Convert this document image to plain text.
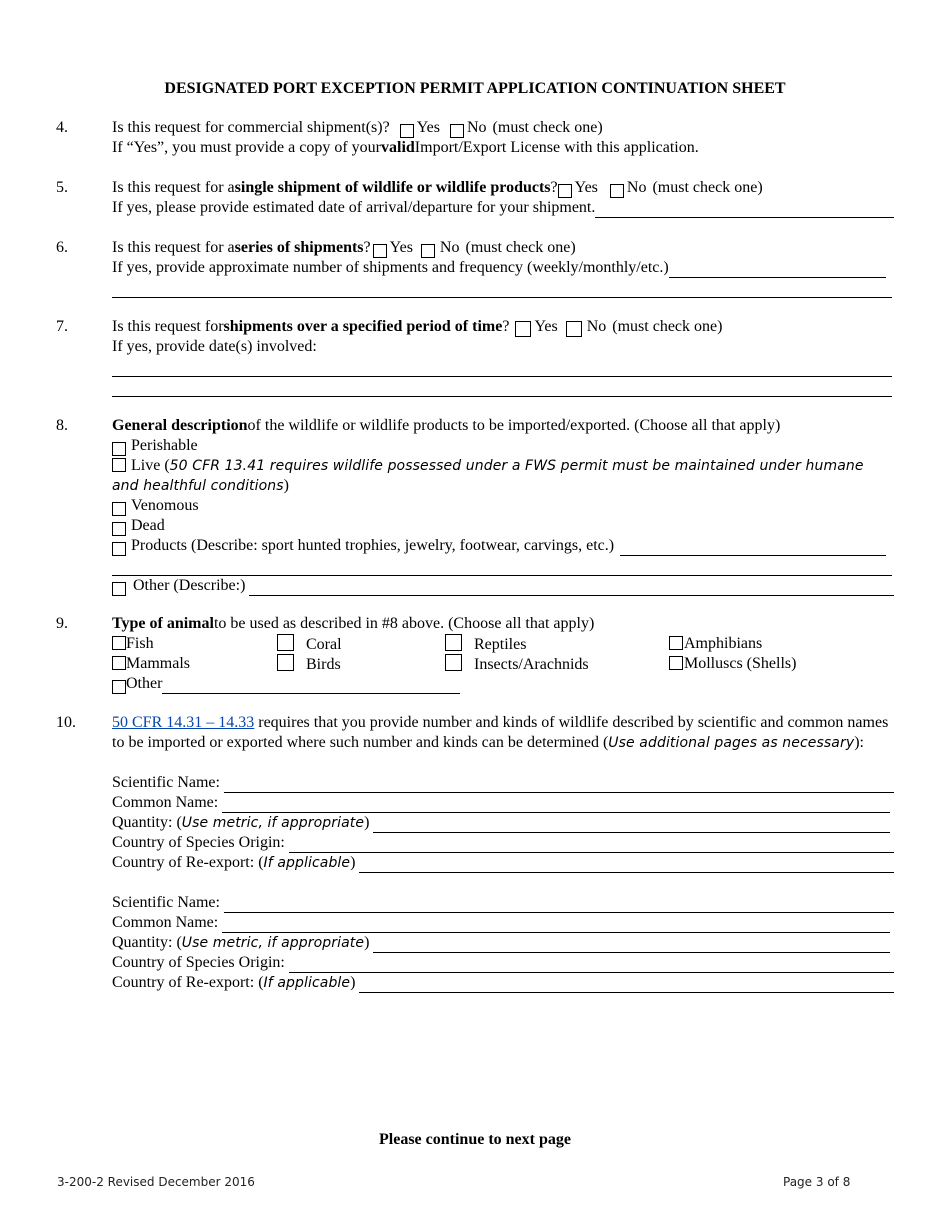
DESIGNATED PORT EXCEPTION PERMIT APPLICATION CONTINUATION SHEET
4.	Is this request for commercial shipment(s)? Yes No (must check one)
If “Yes”, you must provide a copy of your valid Import/Export License with this application.
5.	Is this request for a single shipment of wildlife or wildlife products ? Yes No (must check one)
If yes, please provide estimated date of arrival/departure for your shipment.
6.	Is this request for a series of shipments ? Yes No (must check one)
If yes, provide approximate number of shipments and frequency (weekly/monthly/etc.)
7.	Is this request for shipments over a specified period of time ? Yes No (must check one)
If yes, provide date(s) involved:
8.	General description of the wildlife or wildlife products to be imported/exported. (Choose all that apply)
Perishable
Live (50 CFR 13.41 requires wildlife possessed under a FWS permit must be maintained under humane and healthful conditions)
Venomous
Dead
Products (Describe: sport hunted trophies, jewelry, footwear, carvings, etc.)
Other (Describe:)
9.	Type of animal to be used as described in #8 above. (Choose all that apply)
Fish	Coral	Reptiles	Amphibians
Mammals	Birds	Insects/Arachnids	Molluscs (Shells)
Other
10. 50 CFR 14.31 – 14.33 requires that you provide number and kinds of wildlife described by scientific and common names to be imported or exported where such number and kinds can be determined (Use additional pages as necessary):
Scientific Name:
Common Name:
Quantity: ( Use metric, if appropriate )
Country of Species Origin:
Country of Re-export: ( If applicable )
Scientific Name:
Common Name:
Quantity: ( Use metric, if appropriate )
Country of Species Origin:
Country of Re-export: ( If applicable )
Please continue to next page
3-200-2 Revised December 2016	Page 3 of 8
